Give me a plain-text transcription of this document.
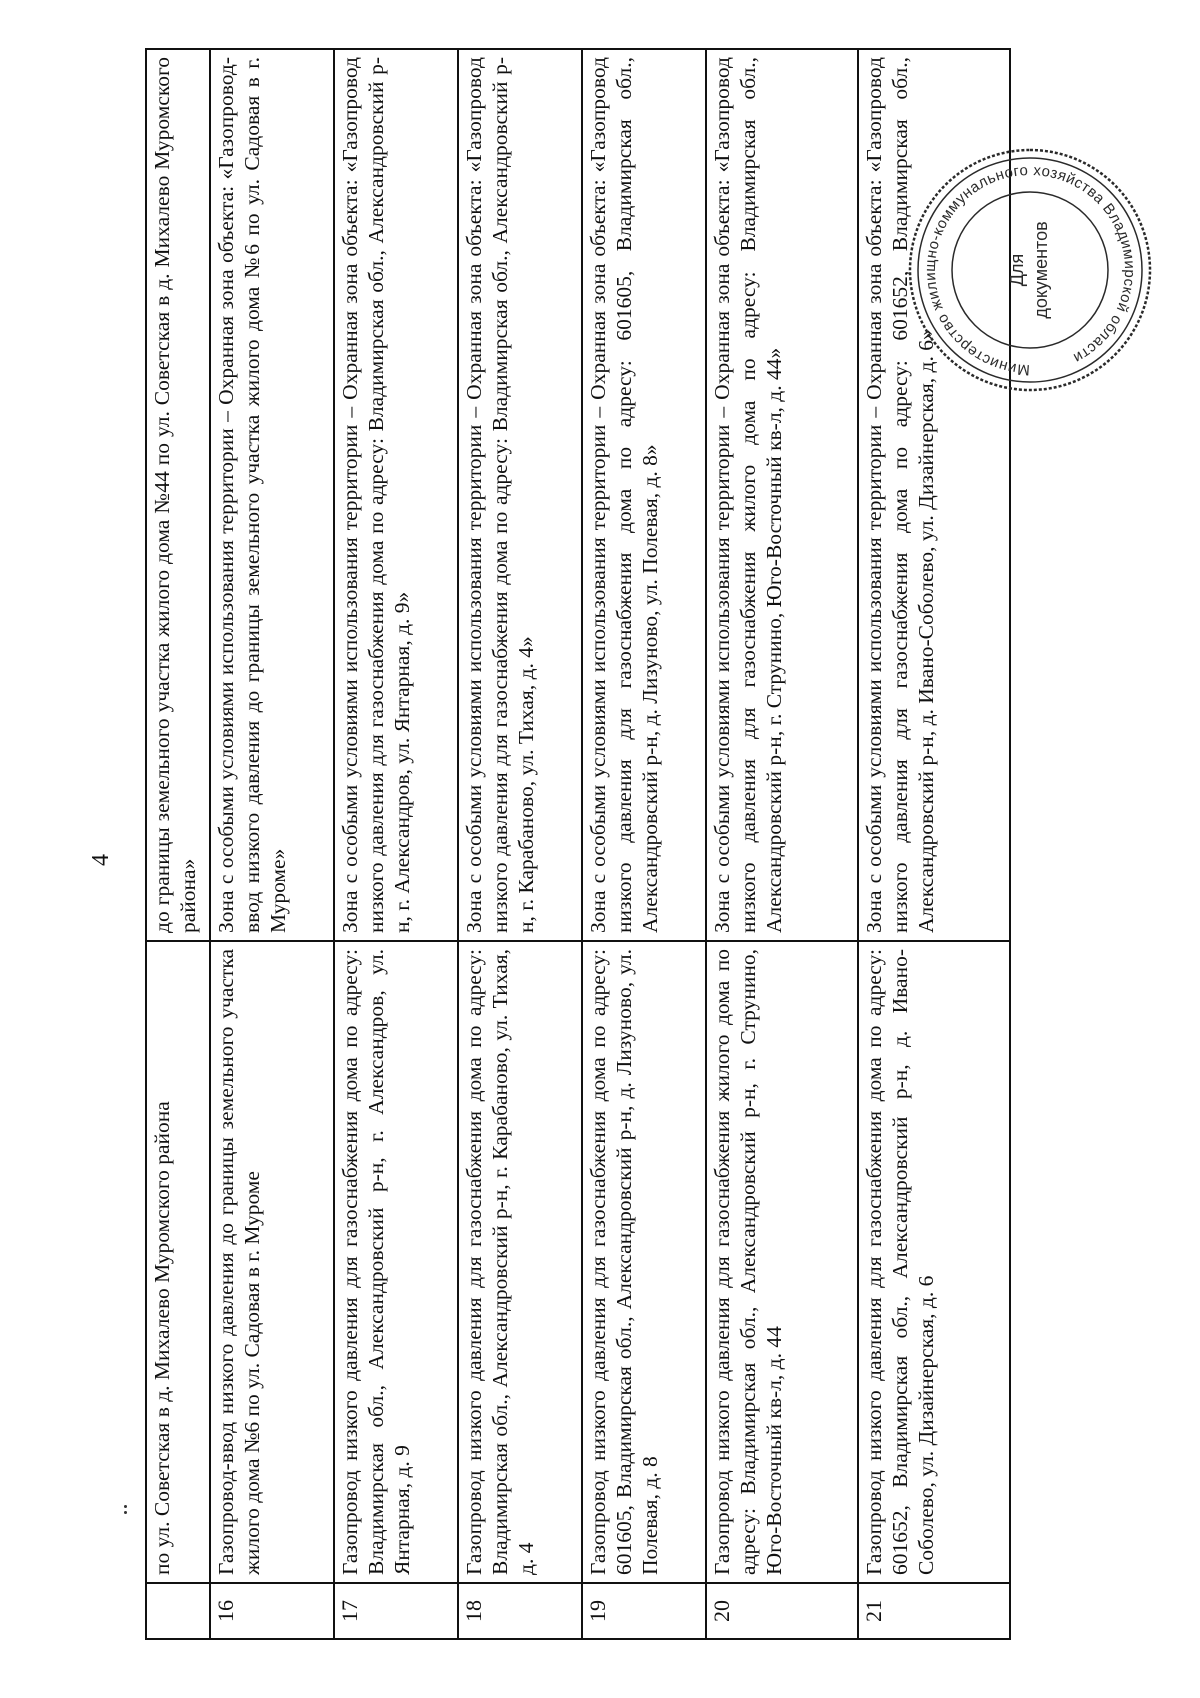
4
	по ул. Советская в д. Михалево Муромского района	до границы земельного участка жилого дома №44 по ул. Советская в д. Михалево Муромского района»
16	Газопровод-ввод низкого давления до границы земельного участка жилого дома №6 по ул. Садовая в г. Муроме	Зона с особыми условиями использования территории – Охранная зона объекта: «Газопровод-ввод низкого давления до границы земельного участка жилого дома №6 по ул. Садовая в г. Муроме»
17	Газопровод низкого давления для газоснабжения дома по адресу: Владимирская обл., Александровский р-н, г. Александров, ул. Янтарная, д. 9	Зона с особыми условиями использования территории – Охранная зона объекта: «Газопровод низкого давления для газоснабжения дома по адресу: Владимирская обл., Александровский р-н, г. Александров, ул. Янтарная, д. 9»
18	Газопровод низкого давления для газоснабжения дома по адресу: Владимирская обл., Александровский р-н, г. Карабаново, ул. Тихая, д. 4	Зона с особыми условиями использования территории – Охранная зона объекта: «Газопровод низкого давления для газоснабжения дома по адресу: Владимирская обл., Александровский р-н, г. Карабаново, ул. Тихая, д. 4»
19	Газопровод низкого давления для газоснабжения дома по адресу: 601605, Владимирская обл., Александровский р-н, д. Лизуново, ул. Полевая, д. 8	Зона с особыми условиями использования территории – Охранная зона объекта: «Газопровод низкого давления для газоснабжения дома по адресу: 601605, Владимирская обл., Александровский р-н, д. Лизуново, ул. Полевая, д. 8»
20	Газопровод низкого давления для газоснабжения жилого дома по адресу: Владимирская обл., Александровский р-н, г. Струнино, Юго-Восточный кв-л, д. 44	Зона с особыми условиями использования территории – Охранная зона объекта: «Газопровод низкого давления для газоснабжения жилого дома по адресу: Владимирская обл., Александровский р-н, г. Струнино, Юго-Восточный кв-л, д. 44»
21	Газопровод низкого давления для газоснабжения дома по адресу: 601652, Владимирская обл., Александровский р-н, д. Ивано-Соболево, ул. Дизайнерская, д. 6	Зона с особыми условиями использования территории – Охранная зона объекта: «Газопровод низкого давления для газоснабжения дома по адресу: 601652, Владимирская обл., Александровский р-н, д. Ивано-Соболево, ул. Дизайнерская, д. 6»	Министерство жилищно-коммунального хозяйства Владимирской области
Для документов
